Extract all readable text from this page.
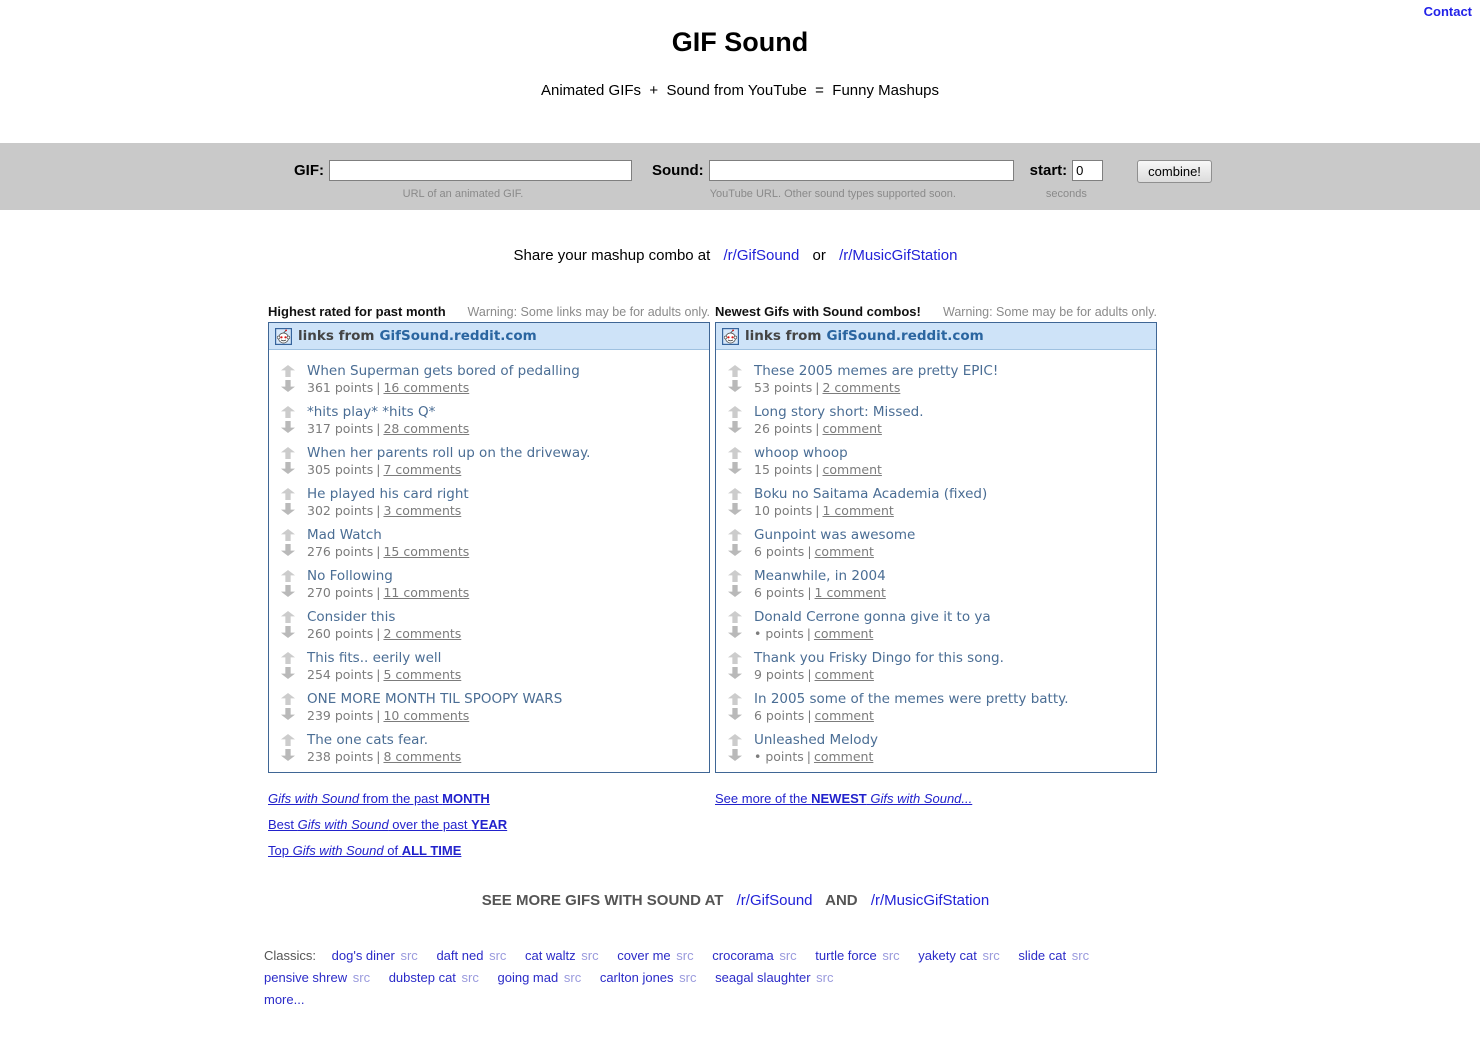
Contact
GIF Sound
Animated GIFs  +  Sound from YouTube  =  Funny Mashups
GIF:
URL of an animated GIF.
Sound:
YouTube URL. Other sound types supported soon.
start:
0
seconds
combine!
Share your mashup combo at /r/GifSound or /r/MusicGifStation
Highest rated for past month Warning: Some links may be for adults only.
links from GifSound.reddit.com
When Superman gets bored of pedalling
361 points | 16 comments
*hits play* *hits Q*
317 points | 28 comments
When her parents roll up on the driveway.
305 points | 7 comments
He played his card right
302 points | 3 comments
Mad Watch
276 points | 15 comments
No Following
270 points | 11 comments
Consider this
260 points | 2 comments
This fits.. eerily well
254 points | 5 comments
ONE MORE MONTH TIL SPOOPY WARS
239 points | 10 comments
The one cats fear.
238 points | 8 comments
Gifs with Sound from the past MONTH
Best Gifs with Sound over the past YEAR
Top Gifs with Sound of ALL TIME
Newest Gifs with Sound combos! Warning: Some may be for adults only.
links from GifSound.reddit.com
These 2005 memes are pretty EPIC!
53 points | 2 comments
Long story short: Missed.
26 points | comment
whoop whoop
15 points | comment
Boku no Saitama Academia (fixed)
10 points | 1 comment
Gunpoint was awesome
6 points | comment
Meanwhile, in 2004
6 points | 1 comment
Donald Cerrone gonna give it to ya
• points | comment
Thank you Frisky Dingo for this song.
9 points | comment
In 2005 some of the memes were pretty batty.
6 points | comment
Unleashed Melody
• points | comment
See more of the NEWEST Gifs with Sound...
SEE MORE GIFS WITH SOUND AT /r/GifSound AND /r/MusicGifStation
Classics: dog's diner src daft ned src cat waltz src cover me src crocorama src turtle force src yakety cat src slide cat src pensive shrew src dubstep cat src going mad src carlton jones src seagal slaughter src
more...
